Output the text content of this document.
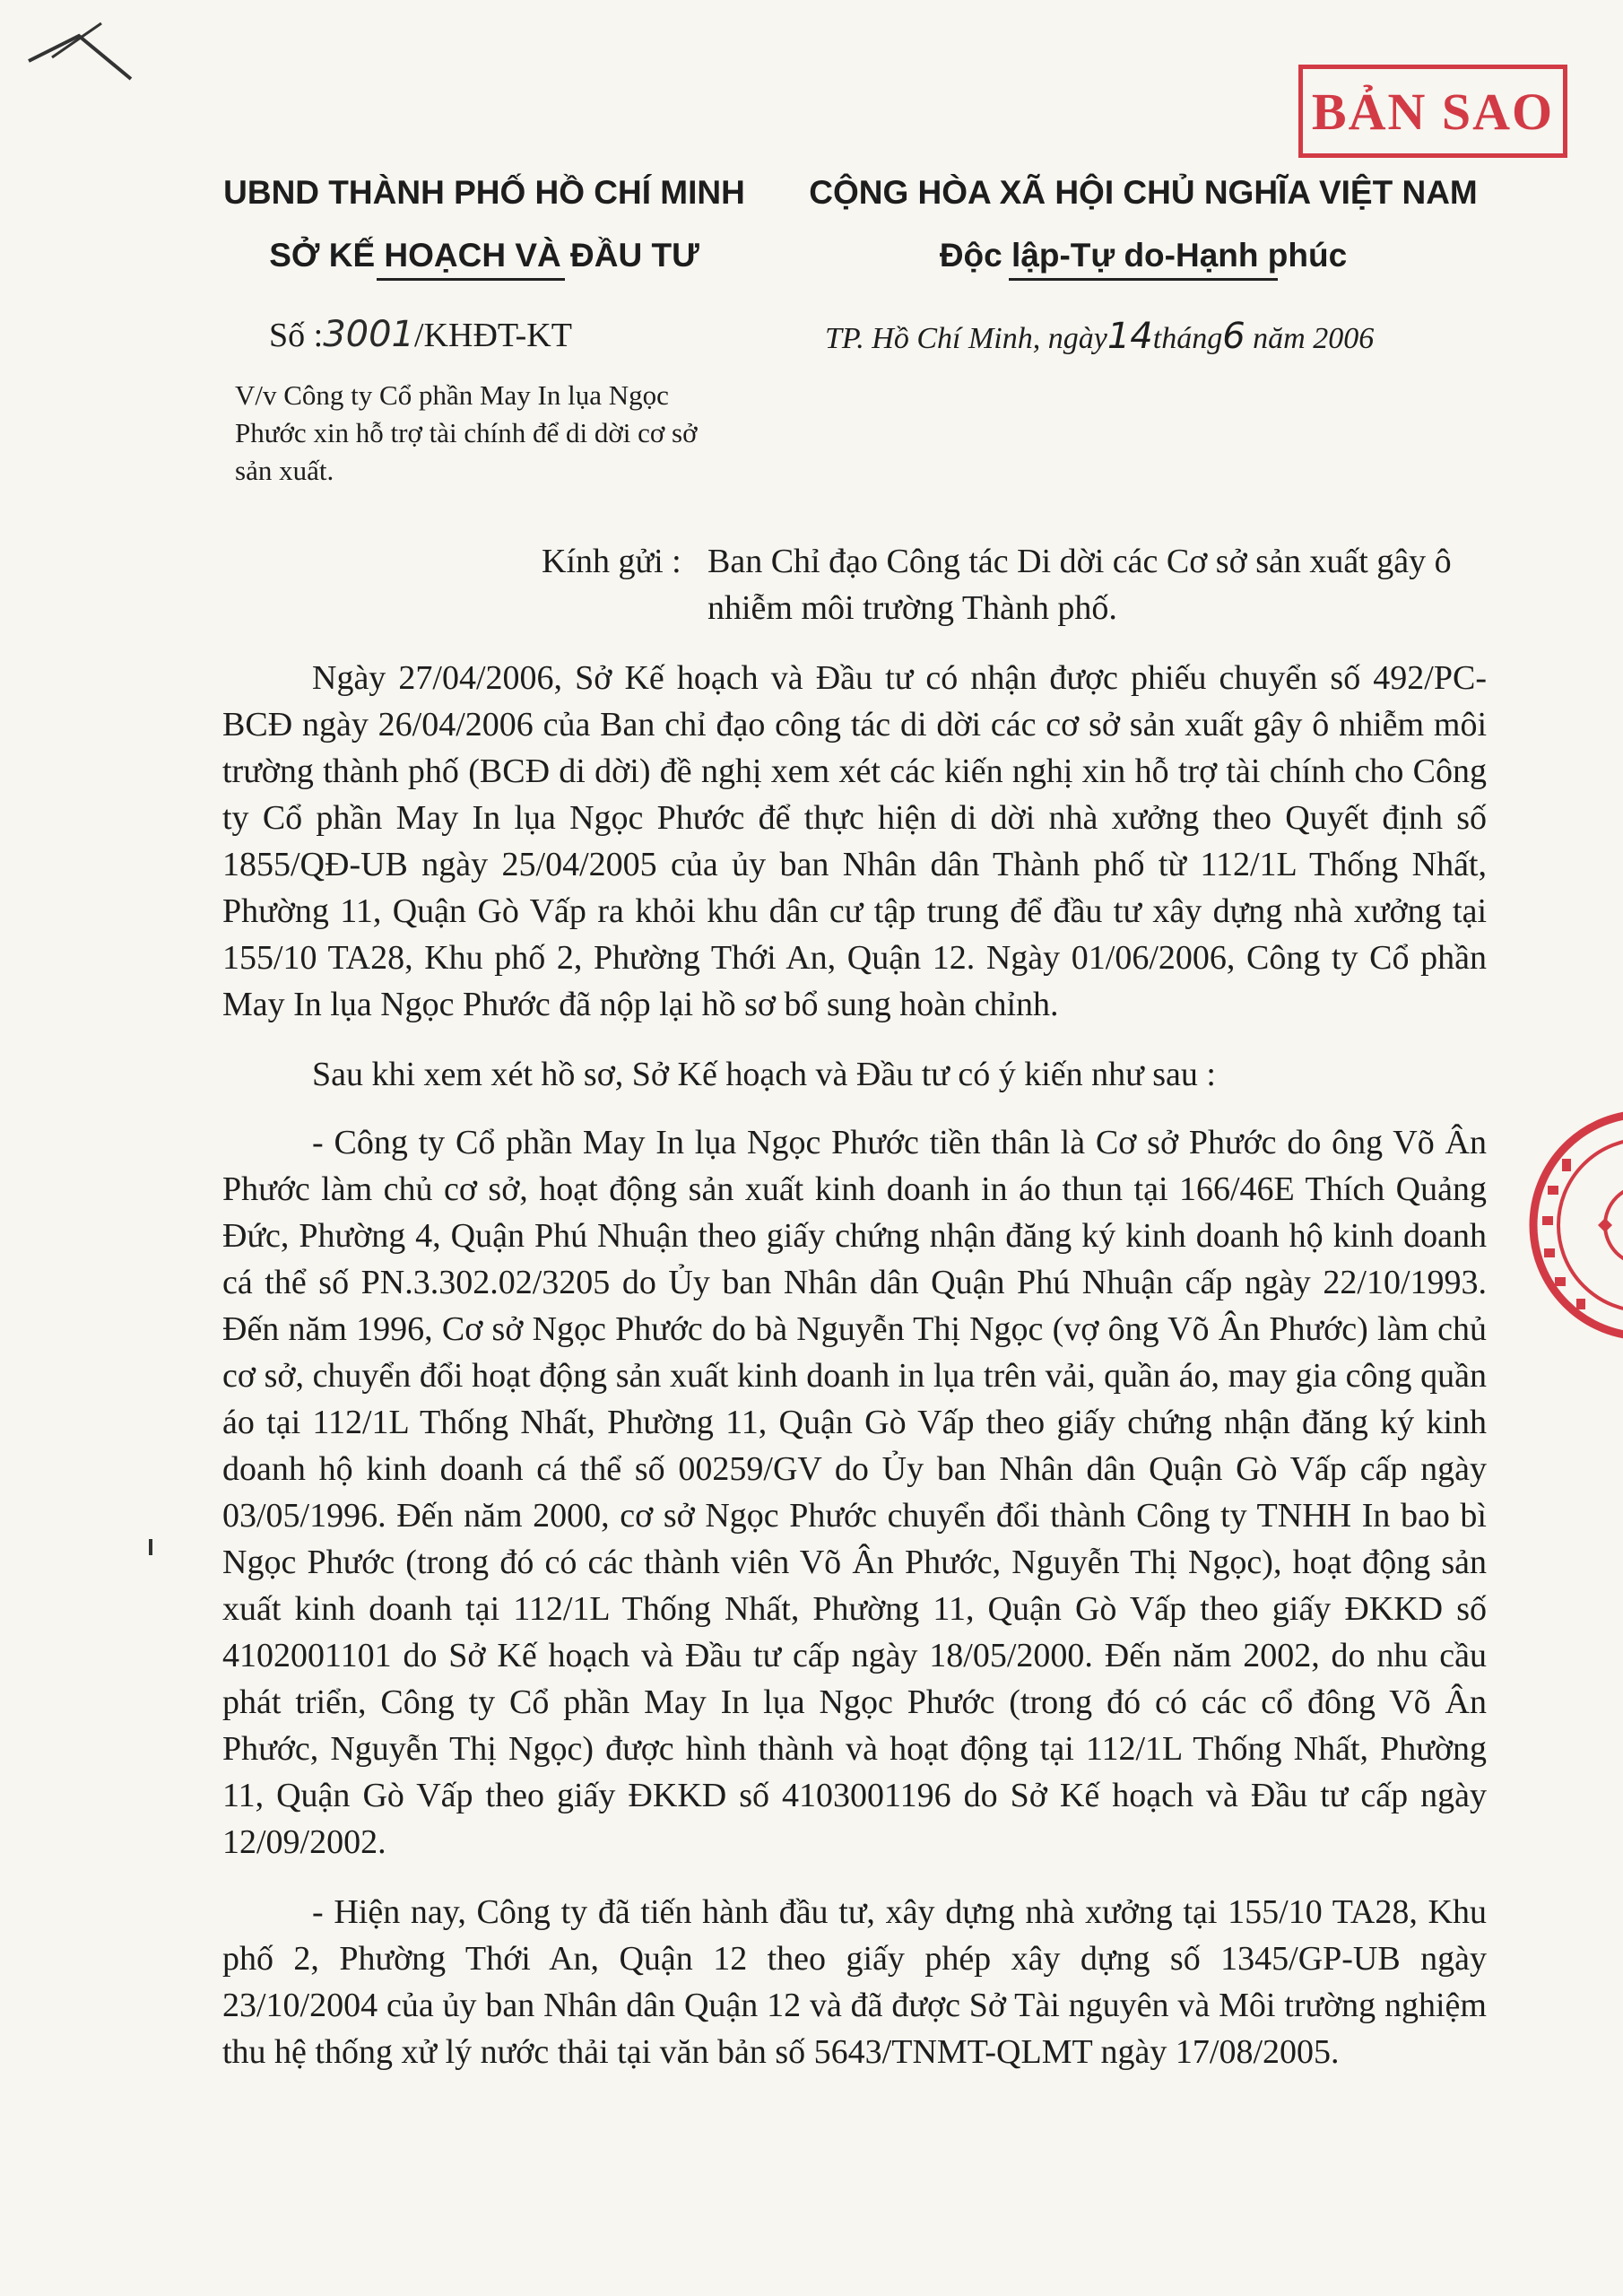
BẢN SAO
UBND THÀNH PHỐ HỒ CHÍ MINH
SỞ KẾ HOẠCH VÀ ĐẦU TƯ
CỘNG HÒA XÃ HỘI CHỦ NGHĨA VIỆT NAM
Độc lập-Tự do-Hạnh phúc
Số :3001/KHĐT-KT	TP. Hồ Chí Minh, ngày14tháng6 năm 2006
V/v Công ty Cổ phần May In lụa Ngọc Phước xin hỗ trợ tài chính để di dời cơ sở sản xuất.
Kính gửi : Ban Chỉ đạo Công tác Di dời các Cơ sở sản xuất gây ô nhiễm môi trường Thành phố.

Ngày 27/04/2006, Sở Kế hoạch và Đầu tư có nhận được phiếu chuyển số 492/PC-BCĐ ngày 26/04/2006 của Ban chỉ đạo công tác di dời các cơ sở sản xuất gây ô nhiễm môi trường thành phố (BCĐ di dời) đề nghị xem xét các kiến nghị xin hỗ trợ tài chính cho Công ty Cổ phần May In lụa Ngọc Phước để thực hiện di dời nhà xưởng theo Quyết định số 1855/QĐ-UB ngày 25/04/2005 của ủy ban Nhân dân Thành phố từ 112/1L Thống Nhất, Phường 11, Quận Gò Vấp ra khỏi khu dân cư tập trung để đầu tư xây dựng nhà xưởng tại 155/10 TA28, Khu phố 2, Phường Thới An, Quận 12. Ngày 01/06/2006, Công ty Cổ phần May In lụa Ngọc Phước đã nộp lại hồ sơ bổ sung hoàn chỉnh.

Sau khi xem xét hồ sơ, Sở Kế hoạch và Đầu tư có ý kiến như sau :

- Công ty Cổ phần May In lụa Ngọc Phước tiền thân là Cơ sở Phước do ông Võ Ân Phước làm chủ cơ sở, hoạt động sản xuất kinh doanh in áo thun tại 166/46E Thích Quảng Đức, Phường 4, Quận Phú Nhuận theo giấy chứng nhận đăng ký kinh doanh hộ kinh doanh cá thể số PN.3.302.02/3205 do Ủy ban Nhân dân Quận Phú Nhuận cấp ngày 22/10/1993. Đến năm 1996, Cơ sở Ngọc Phước do bà Nguyễn Thị Ngọc (vợ ông Võ Ân Phước) làm chủ cơ sở, chuyển đổi hoạt động sản xuất kinh doanh in lụa trên vải, quần áo, may gia công quần áo tại 112/1L Thống Nhất, Phường 11, Quận Gò Vấp theo giấy chứng nhận đăng ký kinh doanh hộ kinh doanh cá thể số 00259/GV do Ủy ban Nhân dân Quận Gò Vấp cấp ngày 03/05/1996. Đến năm 2000, cơ sở Ngọc Phước chuyển đổi thành Công ty TNHH In bao bì Ngọc Phước (trong đó có các thành viên Võ Ân Phước, Nguyễn Thị Ngọc), hoạt động sản xuất kinh doanh tại 112/1L Thống Nhất, Phường 11, Quận Gò Vấp theo giấy ĐKKD số 4102001101 do Sở Kế hoạch và Đầu tư cấp ngày 18/05/2000. Đến năm 2002, do nhu cầu phát triển, Công ty Cổ phần May In lụa Ngọc Phước (trong đó có các cổ đông Võ Ân Phước, Nguyễn Thị Ngọc) được hình thành và hoạt động tại 112/1L Thống Nhất, Phường 11, Quận Gò Vấp theo giấy ĐKKD số 4103001196 do Sở Kế hoạch và Đầu tư cấp ngày 12/09/2002.

- Hiện nay, Công ty đã tiến hành đầu tư, xây dựng nhà xưởng tại 155/10 TA28, Khu phố 2, Phường Thới An, Quận 12 theo giấy phép xây dựng số 1345/GP-UB ngày 23/10/2004 của ủy ban Nhân dân Quận 12 và đã được Sở Tài nguyên và Môi trường nghiệm thu hệ thống xử lý nước thải tại văn bản số 5643/TNMT-QLMT ngày 17/08/2005.
